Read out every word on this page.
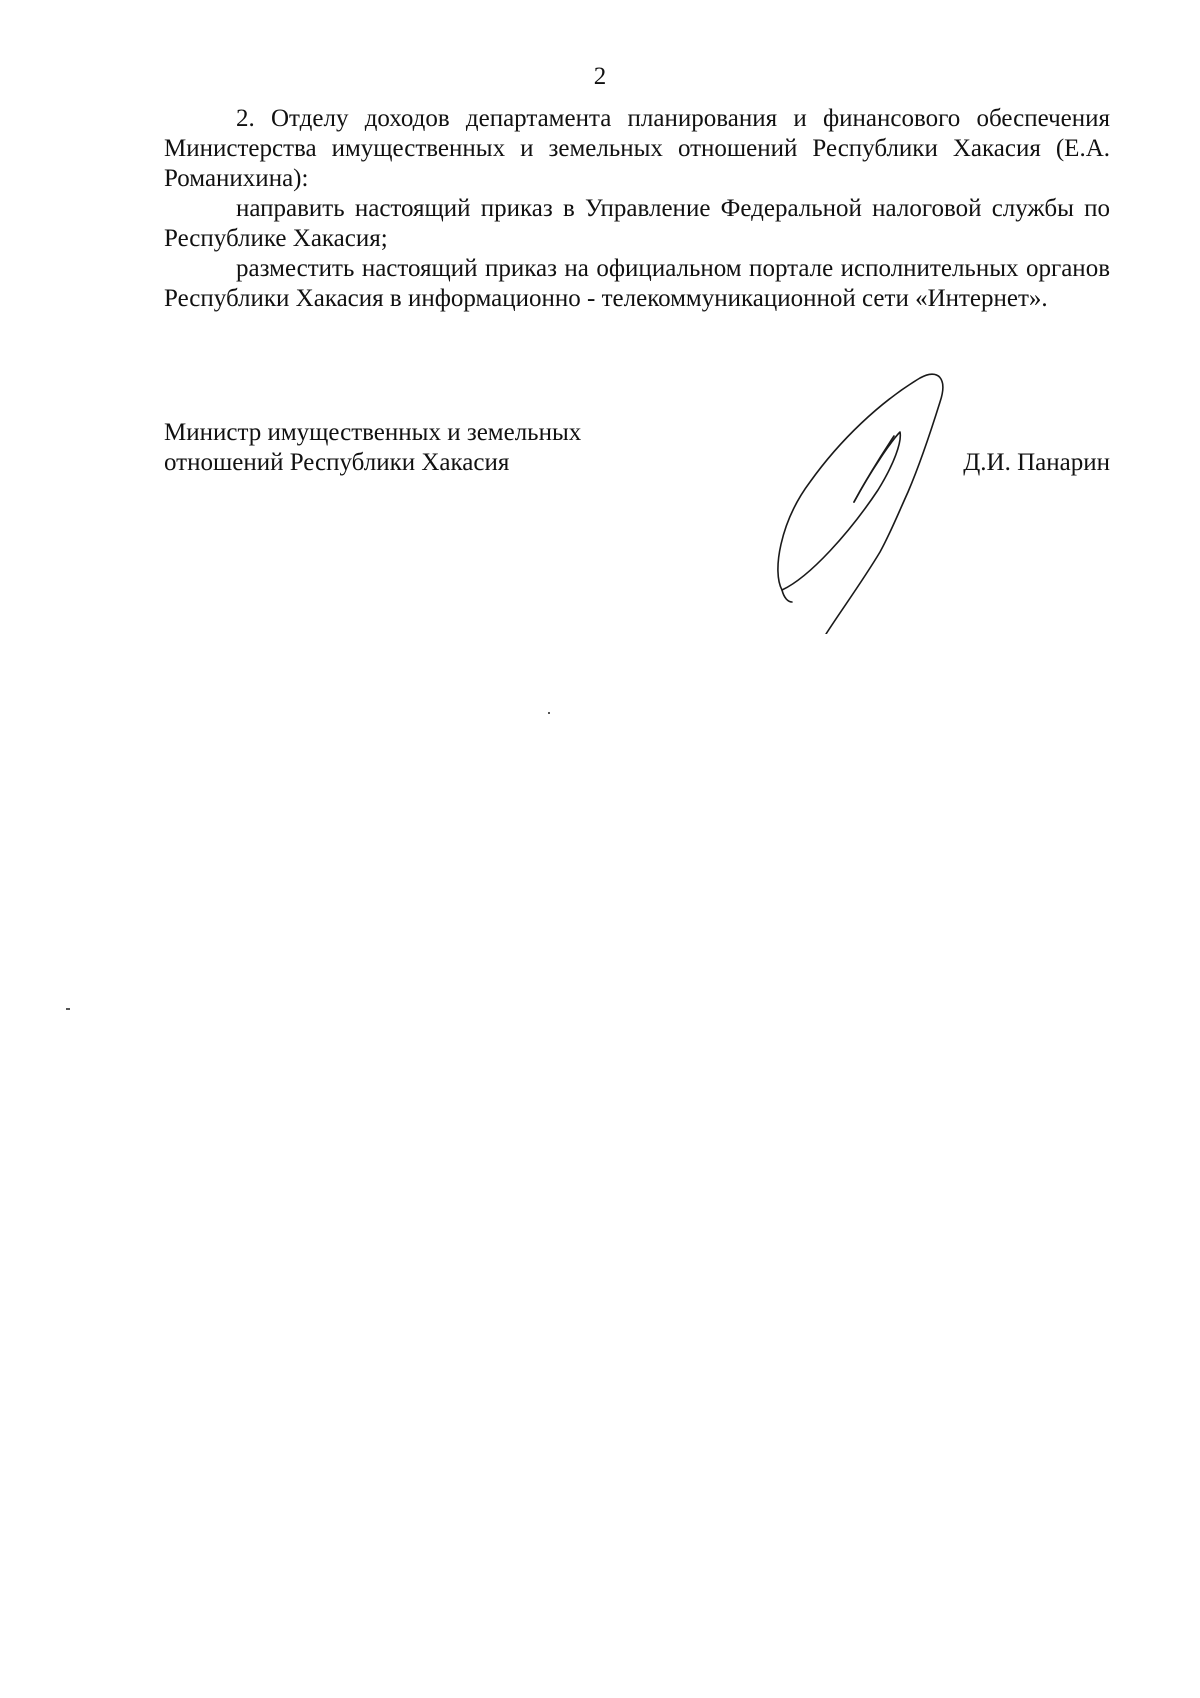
2

2. Отделу доходов департамента планирования и финансового обеспечения Министерства имущественных и земельных отношений Республики Хакасия (Е.А. Романихина):

направить настоящий приказ в Управление Федеральной налоговой службы по Республике Хакасия;

разместить настоящий приказ на официальном портале исполнительных органов Республики Хакасия в информационно - телекоммуникационной сети «Интернет».

Министр имущественных и земельных
отношений Республики Хакасия	Д.И. Панарин
